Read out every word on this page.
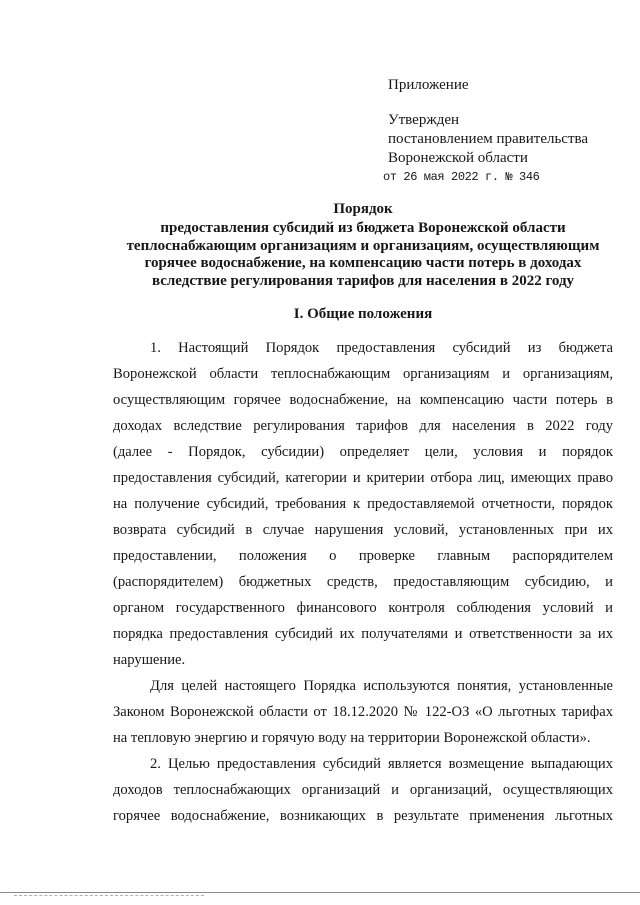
Приложение
Утвержден
постановлением правительства
Воронежской области
от 26 мая 2022 г. № 346
Порядок
предоставления субсидий из бюджета Воронежской области
теплоснабжающим организациям и организациям, осуществляющим
горячее водоснабжение, на компенсацию части потерь в доходах
вследствие регулирования тарифов для населения в 2022 году
I. Общие положения
1. Настоящий Порядок предоставления субсидий из бюджета
Воронежской области теплоснабжающим организациям и организациям,
осуществляющим горячее водоснабжение, на компенсацию части потерь в
доходах вследствие регулирования тарифов для населения в 2022 году
(далее - Порядок, субсидии) определяет цели, условия и порядок
предоставления субсидий, категории и критерии отбора лиц, имеющих право
на получение субсидий, требования к предоставляемой отчетности, порядок
возврата субсидий в случае нарушения условий, установленных при их
предоставлении, положения о проверке главным распорядителем
(распорядителем) бюджетных средств, предоставляющим субсидию, и
органом государственного финансового контроля соблюдения условий и
порядка предоставления субсидий их получателями и ответственности за их
нарушение.
Для целей настоящего Порядка используются понятия, установленные
Законом Воронежской области от 18.12.2020 № 122-ОЗ «О льготных тарифах
на тепловую энергию и горячую воду на территории Воронежской области».
2. Целью предоставления субсидий является возмещение выпадающих
доходов теплоснабжающих организаций и организаций, осуществляющих
горячее водоснабжение, возникающих в результате применения льготных
